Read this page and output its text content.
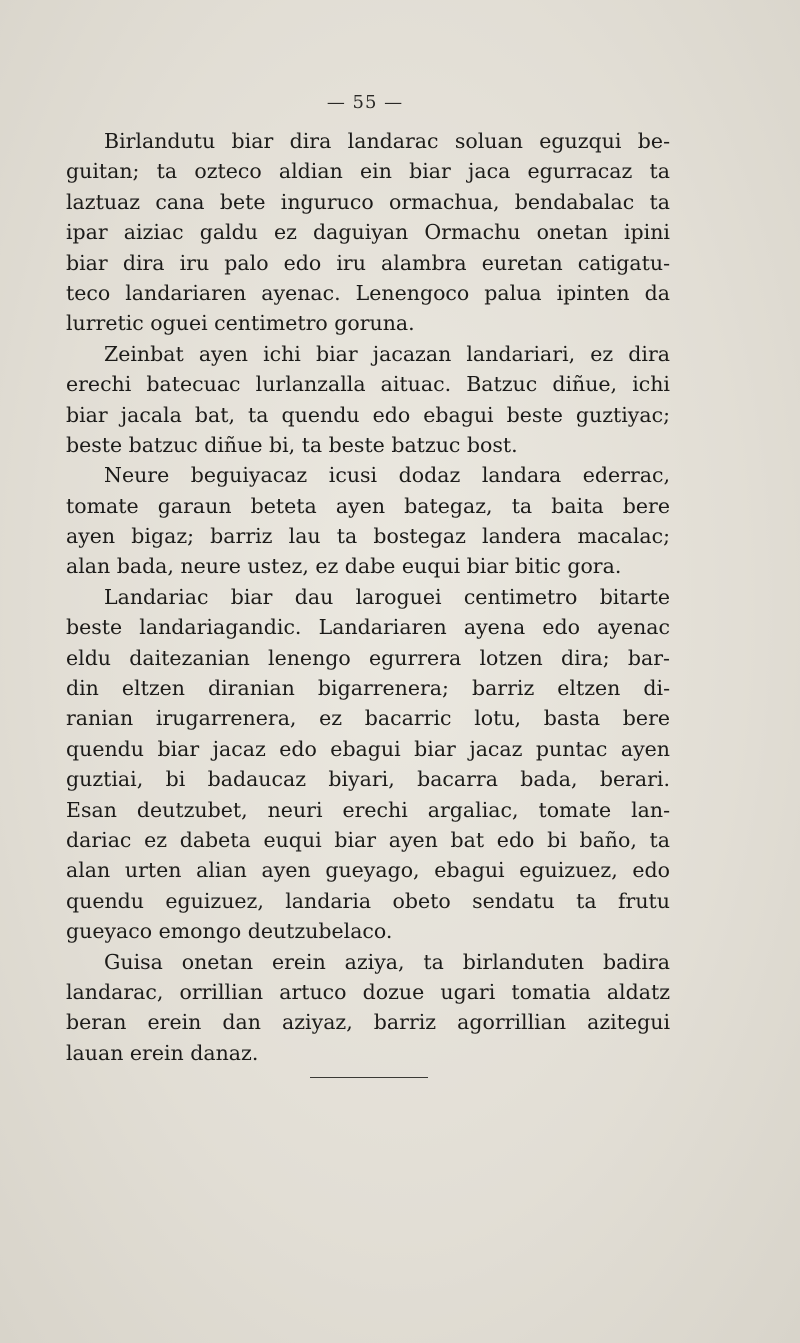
— 55 —
Birlandutu biar dira landarac soluan eguzqui be-
guitan; ta ozteco aldian ein biar jaca egurracaz ta
laztuaz cana bete inguruco ormachua, bendabalac ta
ipar aiziac galdu ez daguiyan Ormachu onetan ipini
biar dira iru palo edo iru alambra euretan catigatu-
teco landariaren ayenac. Lenengoco palua ipinten da
lurretic oguei centimetro goruna.
Zeinbat ayen ichi biar jacazan landariari, ez dira
erechi batecuac lurlanzalla aituac. Batzuc diñue, ichi
biar jacala bat, ta quendu edo ebagui beste guztiyac;
beste batzuc diñue bi, ta beste batzuc bost.
Neure beguiyacaz icusi dodaz landara ederrac,
tomate garaun beteta ayen bategaz, ta baita bere
ayen bigaz; barriz lau ta bostegaz landera macalac;
alan bada, neure ustez, ez dabe euqui biar bitic gora.
Landariac biar dau laroguei centimetro bitarte
beste landariagandic. Landariaren ayena edo ayenac
eldu daitezanian lenengo egurrera lotzen dira; bar-
din eltzen diranian bigarrenera; barriz eltzen di-
ranian irugarrenera, ez bacarric lotu, basta bere
quendu biar jacaz edo ebagui biar jacaz puntac ayen
guztiai, bi badaucaz biyari, bacarra bada, berari.
Esan deutzubet, neuri erechi argaliac, tomate lan-
dariac ez dabeta euqui biar ayen bat edo bi baño, ta
alan urten alian ayen gueyago, ebagui eguizuez, edo
quendu eguizuez, landaria obeto sendatu ta frutu
gueyaco emongo deutzubelaco.
Guisa onetan erein aziya, ta birlanduten badira
landarac, orrillian artuco dozue ugari tomatia aldatz
beran erein dan aziyaz, barriz agorrillian azitegui
lauan erein danaz.
